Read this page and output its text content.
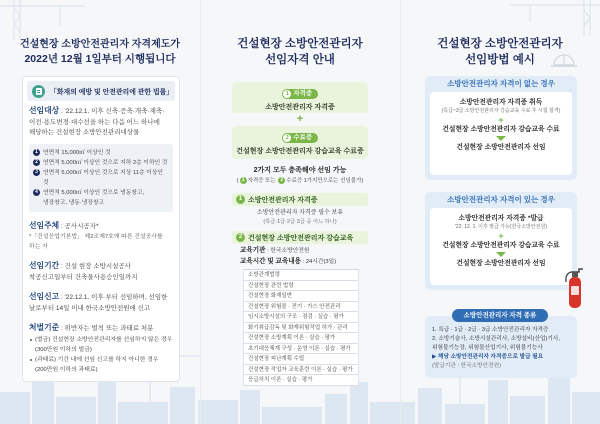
건설현장 소방안전관리자 자격제도가
2022년 12월 1일부터 시행됩니다
「화재의 예방 및 안전관리에 관한 법률」

선임대상 : '22.12.1. 이후 신축·증축·개축·재축·이전·용도변경·대수선을 하는 다음 어느 하나에 해당하는 건설현장 소방안전관리대상물

1 연면적 15,000㎡ 이상인 것
2 연면적 5,000㎡ 이상인 것으로 지하 2층 이하인 것
3 연면적 5,000㎡ 이상인 것으로 지상 11층 이상인 것
4 연면적 5,000㎡ 이상인 것으로 냉동창고, 냉장창고, 냉동·냉장창고

선임주체 : 공사시공자*

*「건설산업기본법」 제2조제7호에 따른 건설공사를 하는 자

선임기간 : 건설 현장 소방시설공사 착공신고일부터 건축물사용승인일까지

선임신고 : '22.12.1. 이후 부터 선임하며, 선임한 날로부터 14일 이내 한국소방안전원에 신고

처벌기준 : 위반자는 벌칙 또는 과태료 처분

(벌금) 건설현장 소방안전관리자를 선임하지 않은 경우(300만원 이하의 벌금)

(과태료) 기간 내에 선임 신고를 하지 아니한 경우(200만원 이하의 과태료)

건설현장 소방안전관리자
선임자격 안내
1 자격증
소방안전관리자 자격증
+
2 수료증
건설현장 소방안전관리자 강습교육 수료증
2가지 모두 충족해야 선임 가능
( 1 자격증 또는 2 수료증 1가지만으로는 선임불가)
1 소방안전관리자 자격증
소방안전관리자 자격증 필수 보유
(특급·1급·2급·3급 중 어느 하나)
2 건설현장 소방안전관리자 강습교육
교육기관 : 한국소방안전원
교육시간 및 교육내용 : 24시간(3일)
소방관계법령
건설현장 관련 법령
건설현장 화재일반
건설현장 위험물 · 전기 · 가스 안전관리
임시소방시설의 구조 · 점검 · 실습 · 평가
화기취급감독 및 화재위험작업 허가 · 관리
건설현장 소방계획 이론 · 실습 · 평가
초기대응체계 구성 · 운영 이론 · 실습 · 평가
건설현장 피난계획 수립
건설현장 작업자 교육훈련 이론 · 실습 · 평가
응급처치 이론 · 실습 · 평가
건설현장 소방안전관리자
선임방법 예시
소방안전관리자 자격이 없는 경우
소방안전관리자 자격증 취득
(특급~3급 소방안전관리자 강습교육 수료 후 시험 합격)
+
건설현장 소방안전관리자 강습교육 수료
건설현장 소방안전관리자 선임
소방안전관리자 자격이 있는 경우
소방안전관리자 자격증 *발급
'22. 12. 1. 이후 발급 가능(한국소방안전원)
+
건설현장 소방안전관리자 강습교육 수료
건설현장 소방안전관리자 선임
소방안전관리자 자격 종류

1. 특급 · 1급 · 2급 · 3급 소방안전관리자 자격증

2. 소방기술사, 소방시설관리사, 소방설비(산업)기사, 위험물기능장, 위험물산업기사, 위험물기능사

▶ 해당 소방안전관리자 자격증으로 발급 필요

(발급기관 : 한국소방안전원)
